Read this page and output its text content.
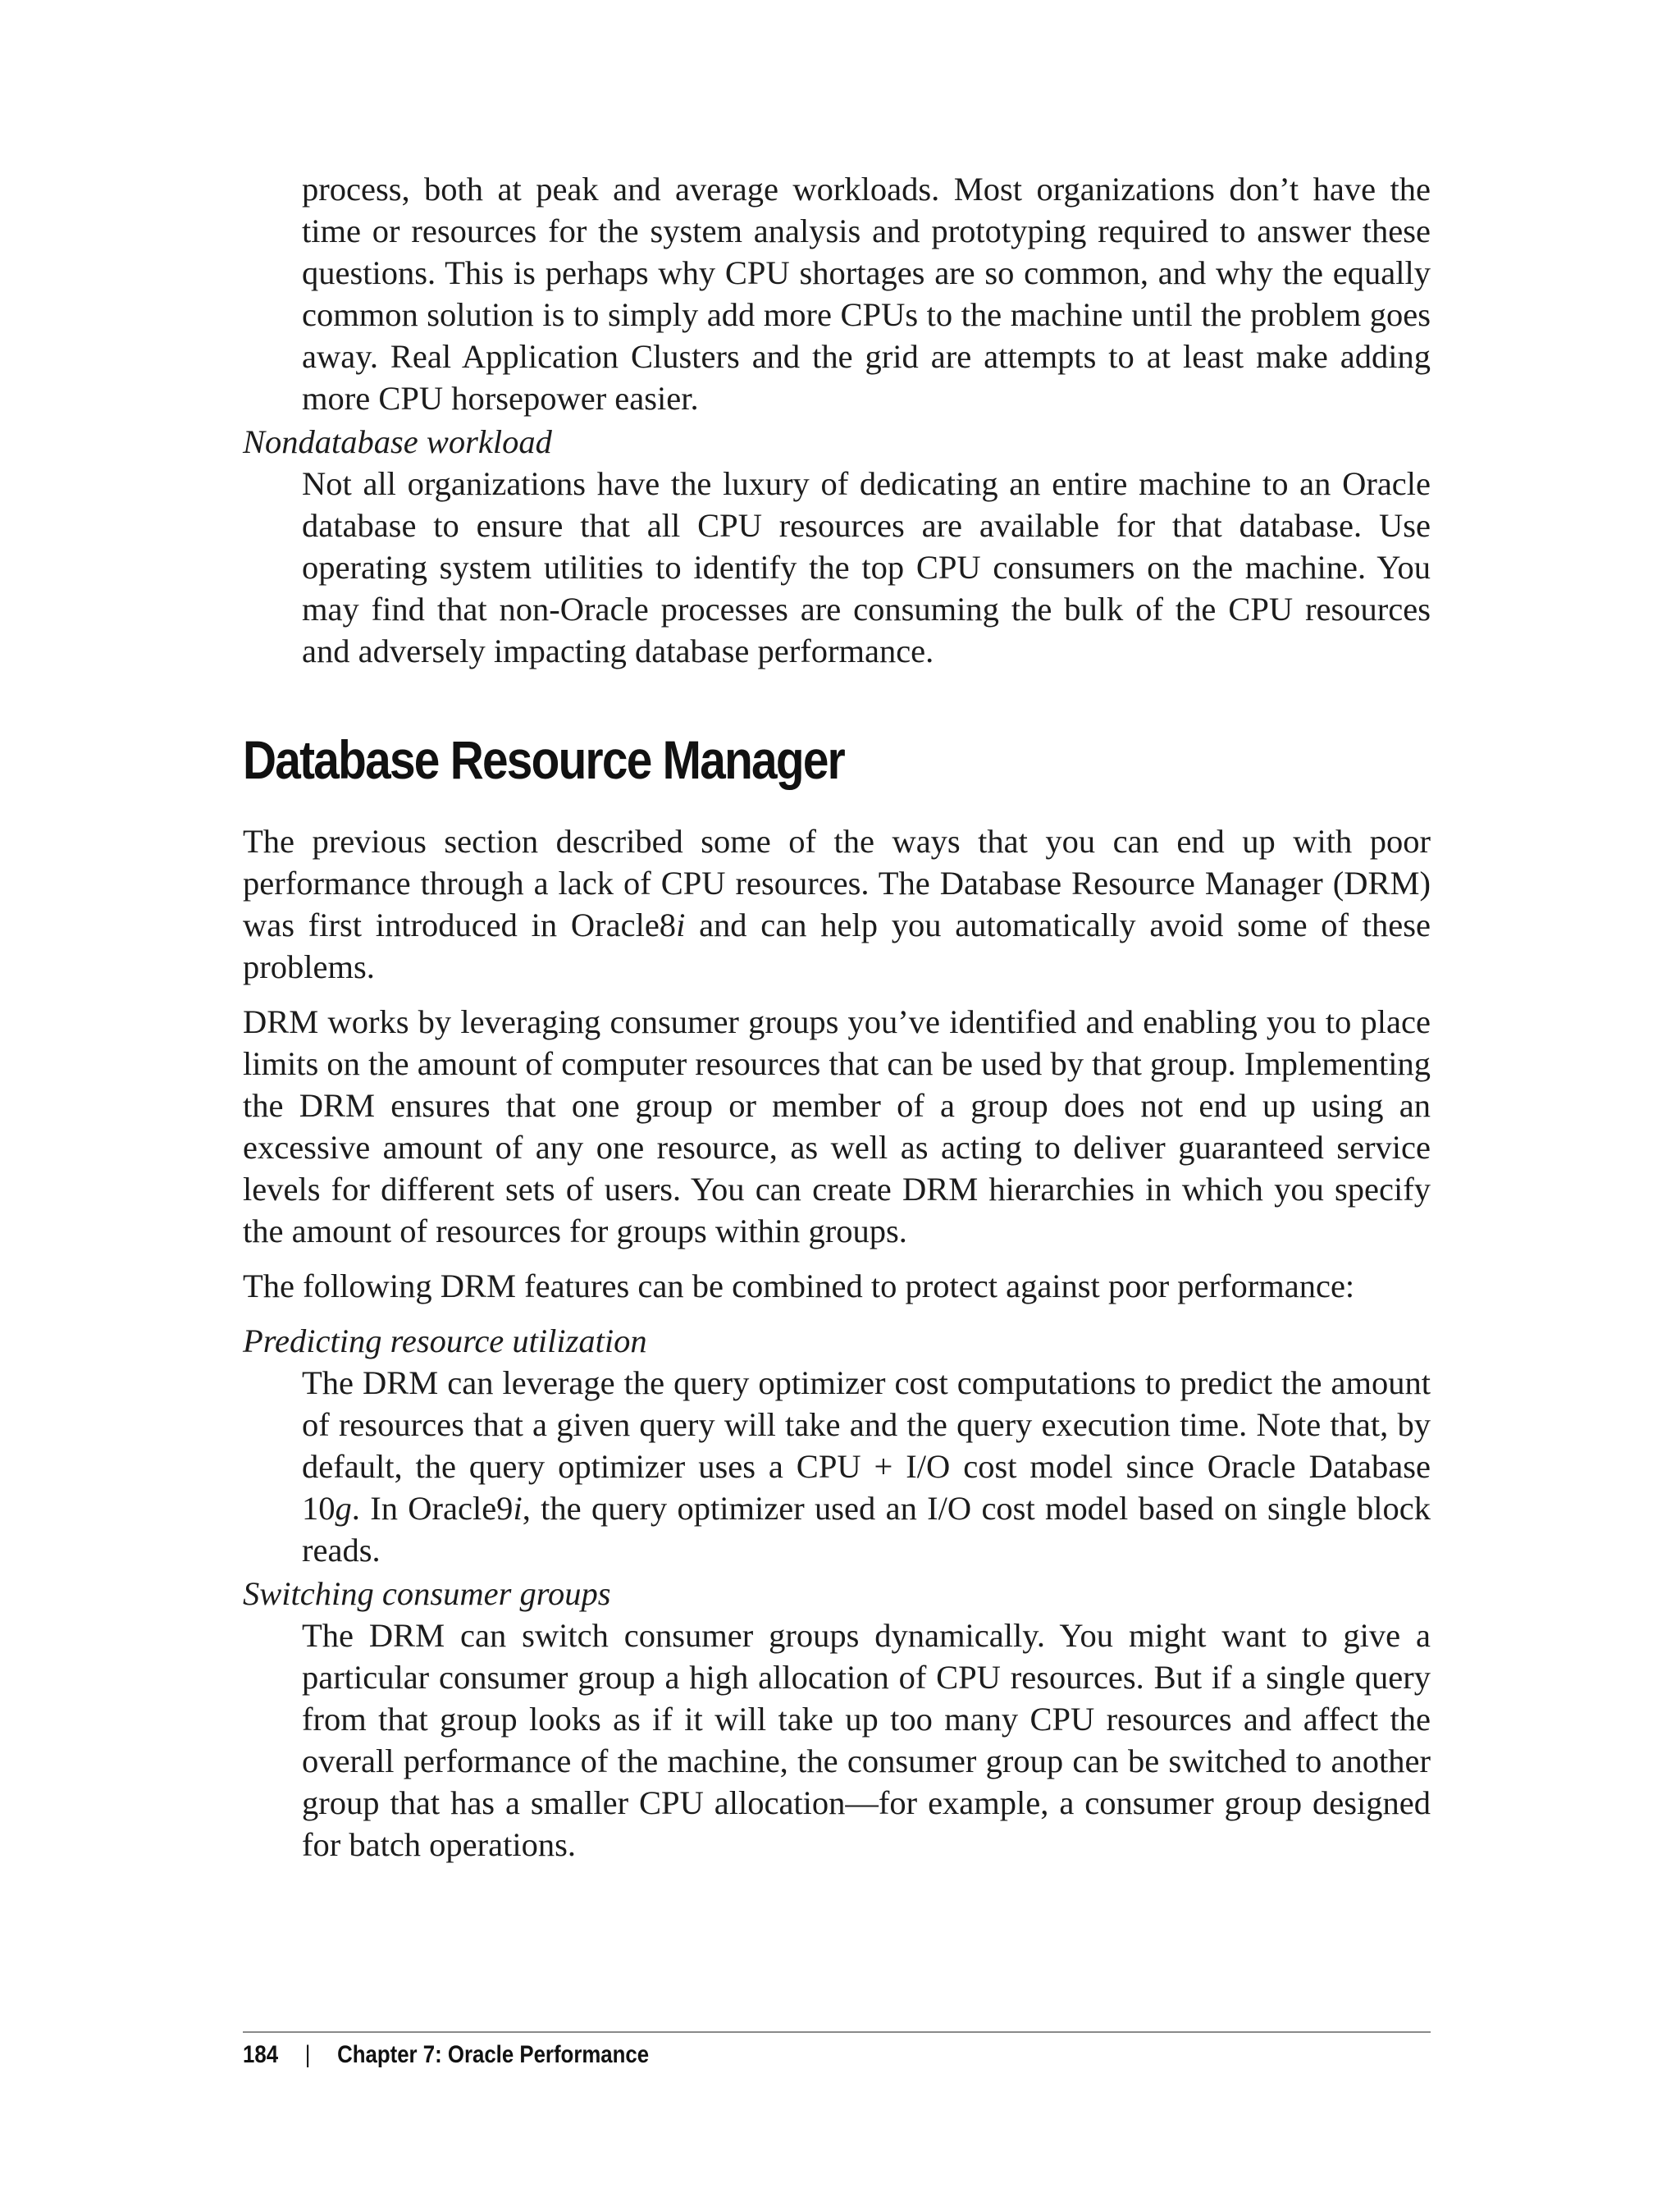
process, both at peak and average workloads. Most organizations don’t have the time or resources for the system analysis and prototyping required to answer these questions. This is perhaps why CPU shortages are so common, and why the equally common solution is to simply add more CPUs to the machine until the problem goes away. Real Application Clusters and the grid are attempts to at least make adding more CPU horsepower easier.

Nondatabase workload

Not all organizations have the luxury of dedicating an entire machine to an Oracle database to ensure that all CPU resources are available for that database. Use operating system utilities to identify the top CPU consumers on the machine. You may find that non-Oracle processes are consuming the bulk of the CPU resources and adversely impacting database performance.

Database Resource Manager

The previous section described some of the ways that you can end up with poor performance through a lack of CPU resources. The Database Resource Manager (DRM) was first introduced in Oracle8i and can help you automatically avoid some of these problems.

DRM works by leveraging consumer groups you’ve identified and enabling you to place limits on the amount of computer resources that can be used by that group. Implementing the DRM ensures that one group or member of a group does not end up using an excessive amount of any one resource, as well as acting to deliver guaranteed service levels for different sets of users. You can create DRM hierarchies in which you specify the amount of resources for groups within groups.

The following DRM features can be combined to protect against poor performance:

Predicting resource utilization

The DRM can leverage the query optimizer cost computations to predict the amount of resources that a given query will take and the query execution time. Note that, by default, the query optimizer uses a CPU + I/O cost model since Oracle Database 10g. In Oracle9i, the query optimizer used an I/O cost model based on single block reads.

Switching consumer groups

The DRM can switch consumer groups dynamically. You might want to give a particular consumer group a high allocation of CPU resources. But if a single query from that group looks as if it will take up too many CPU resources and affect the overall performance of the machine, the consumer group can be switched to another group that has a smaller CPU allocation—for example, a consumer group designed for batch operations.

184 | Chapter 7: Oracle Performance
